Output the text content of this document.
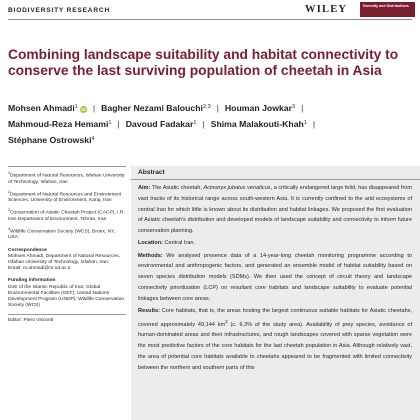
BIODIVERSITY RESEARCH	WILEY	Diversity and Distributions
Combining landscape suitability and habitat connectivity to conserve the last surviving population of cheetah in Asia
Mohsen Ahmadi$^1$ iD | Bagher Nezami Balouchi$^{2,3}$ | Houman Jowkar$^3$ |
Mahmoud-Reza Hemami$^1$ | Davoud Fadakar$^1$ | Shima Malakouti-Khah$^1$ |
Stéphane Ostrowski$^4$
$^1$Department of Natural Resources, Isfahan University of Technology, Isfahan, Iran
$^2$Department of Natural Resources and Environment Sciences, University of Environment, Karaj, Iran
$^3$Conservation of Asiatic Cheetah Project (CACP), I.R. Iran Department of Environment, Tehran, Iran
$^4$Wildlife Conservation Society (WCS), Bronx, NY, USA
Correspondence
Mohsen Ahmadi, Department of Natural Resources, Isfahan University of Technology, Isfahan, Iran.
Email: m.ahmadi@nr.iut.ac.ir
Funding information
DoE of the Islamic Republic of Iran; Global Environmental Facilities (GEF); United Nations Development Program (UNDP); Wildlife Conservation Society (WCS)
Editor: Piero Visconti
Abstract

Aim: The Asiatic cheetah, Acinonyx jubatus venaticus, a critically endangered large felid, has disappeared from vast tracks of its historical range across south-western Asia. It is currently confined to the arid ecosystems of central Iran for which little is known about its distribution and habitat linkages. We proposed the first evaluation of Asiatic cheetah's distribution and developed models of landscape suitability and connectivity to inform future conservation planning.

Location: Central Iran.

Methods: We analysed presence data of a 14-year-long cheetah monitoring programme according to environmental and anthropogenic factors, and generated an ensemble model of habitat suitability based on seven species distribution models (SDMs). We then used the concept of circuit theory and landscape connectivity prioritization (LCP) on resultant core habitats and landscape suitability to evaluate potential linkages between core areas.

Results: Core habitats, that is, the areas hosting the largest continuous suitable habitats for Asiatic cheetahs, covered approximately 49,144 $km^2$ (c. 6.3% of the study area). Availability of prey species, avoidance of human-dominated areas and their infrastructures, and rough landscapes covered with sparse vegetation were the most predictive factors of the core habitats for the last cheetah population in Asia. Although relatively vast, the area of potential core habitats available to cheetahs appeared to be fragmented with limited connectivity between the northern and southern parts of this
